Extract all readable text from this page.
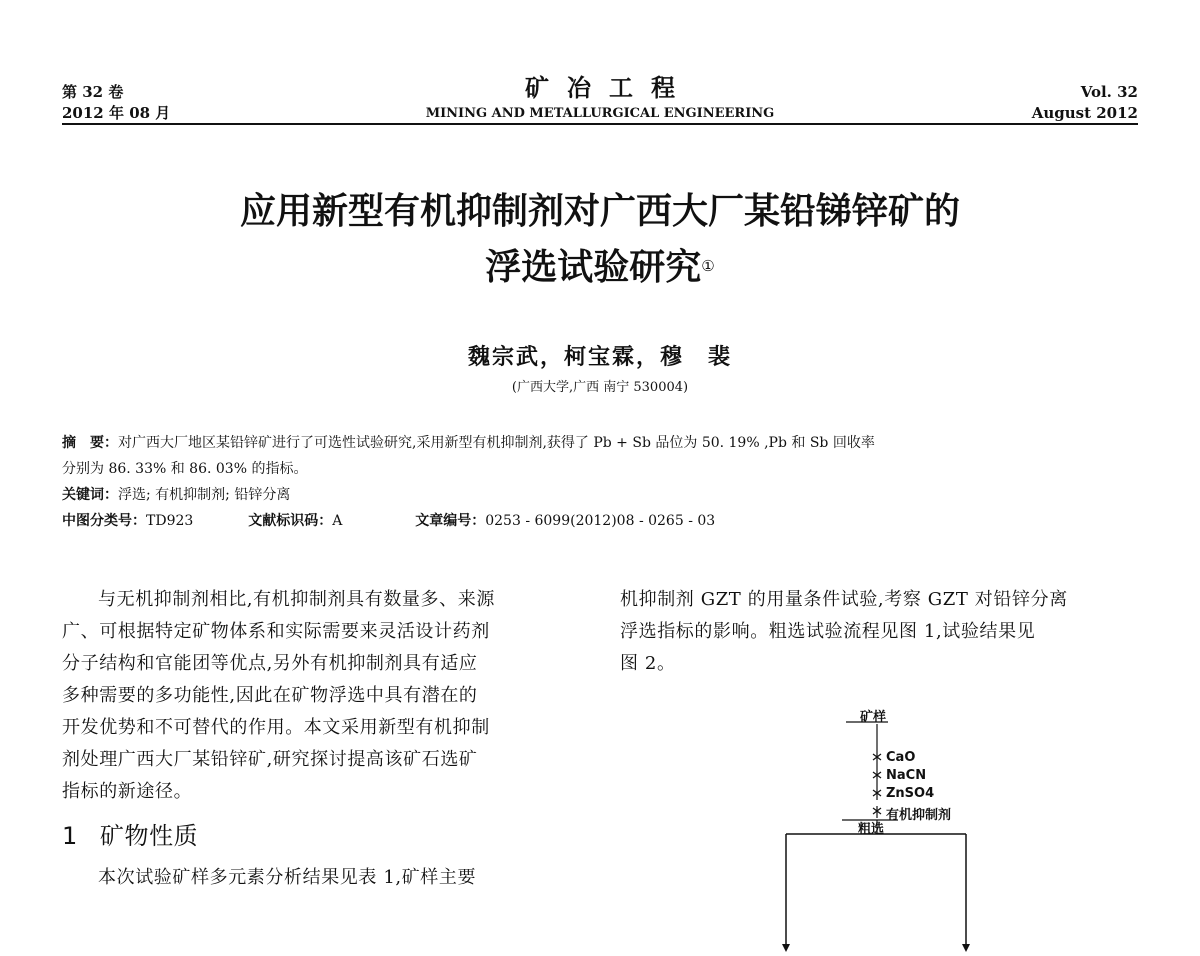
第 32 卷
2012 年 08 月
矿冶工程
MINING AND METALLURGICAL ENGINEERING
Vol. 32
August 2012
应用新型有机抑制剂对广西大厂某铅锑锌矿的
浮选试验研究①
魏宗武，柯宝霖，穆　裴
(广西大学,广西 南宁 530004)
摘　要：对广西大厂地区某铅锌矿进行了可选性试验研究,采用新型有机抑制剂,获得了 Pb + Sb 品位为 50. 19% ,Pb 和 Sb 回收率
分别为 86. 33% 和 86. 03% 的指标。
关键词：浮选; 有机抑制剂; 铅锌分离
中图分类号：TD923	文献标识码：A	文章编号：0253 - 6099(2012)08 - 0265 - 03

与无机抑制剂相比,有机抑制剂具有数量多、来源

广、可根据特定矿物体系和实际需要来灵活设计药剂

分子结构和官能团等优点,另外有机抑制剂具有适应

多种需要的多功能性,因此在矿物浮选中具有潜在的

开发优势和不可替代的作用。本文采用新型有机抑制

剂处理广西大厂某铅锌矿,研究探讨提高该矿石选矿

指标的新途径。

1 矿物性质

本次试验矿样多元素分析结果见表 1,矿样主要

机抑制剂 GZT 的用量条件试验,考察 GZT 对铅锌分离

浮选指标的影响。粗选试验流程见图 1,试验结果见

图 2。

矿样
CaO
NaCN
ZnSO4
有机抑制剂
粗选
